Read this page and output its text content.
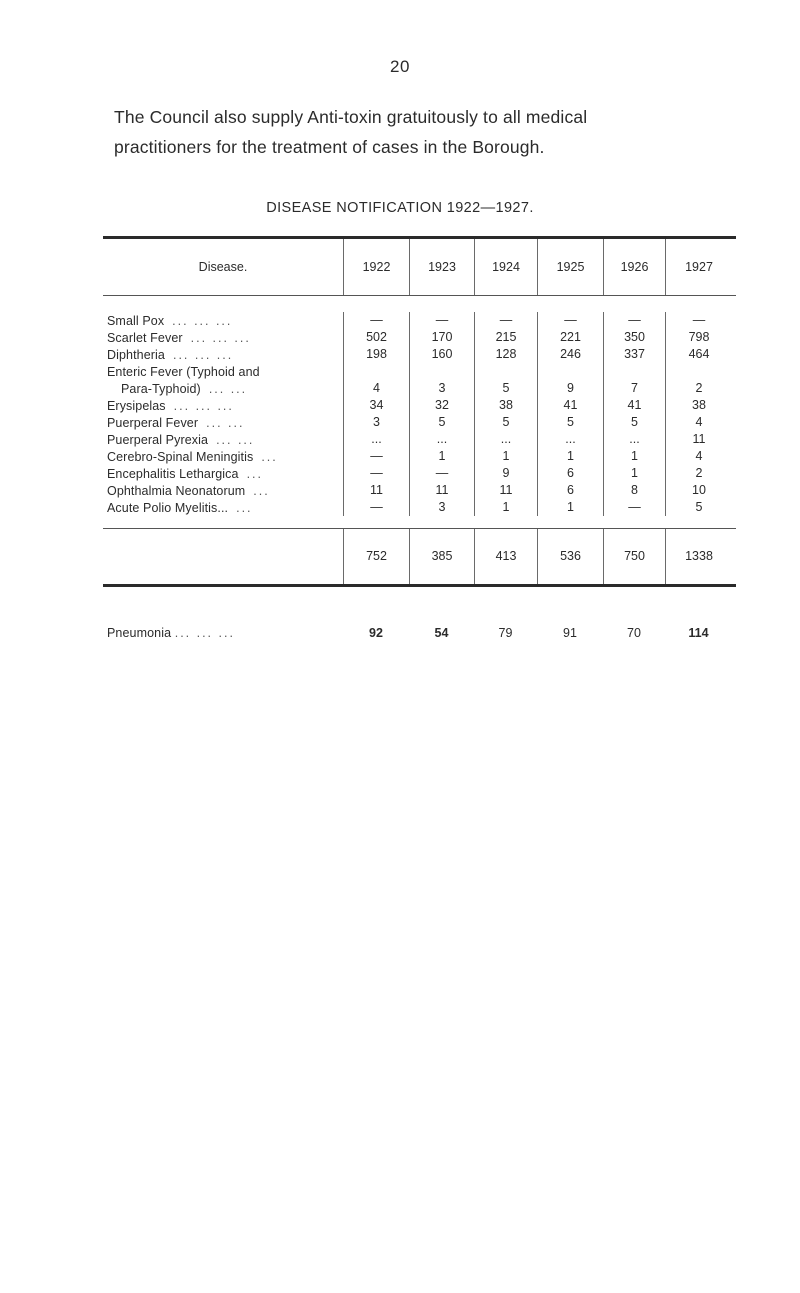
20

The Council also supply Anti-toxin gratuitously to all medical

practitioners for the treatment of cases in the Borough.

DISEASE NOTIFICATION 1922—1927.
Disease.	1922	1923	1924	1925	1926	1927
Small Pox ... ... ...	—	—	—	—	—	—
Scarlet Fever ... ... ...	502	170	215	221	350	798
Diphtheria ... ... ...	198	160	128	246	337	464
Enteric Fever (Typhoid and
Para-Typhoid) ... ...	4	3	5	9	7	2
Erysipelas ... ... ...	34	32	38	41	41	38
Puerperal Fever ... ...	3	5	5	5	5	4
Puerperal Pyrexia ... ...	...	...	...	...	...	11
Cerebro-Spinal Meningitis ...	—	1	1	1	1	4
Encephalitis Lethargica ...	—	—	9	6	1	2
Ophthalmia Neonatorum ...	11	11	11	6	8	10
Acute Polio Myelitis... ...	—	3	1	1	—	5
752	385	413	536	750	1338
Pneumonia ... ... ...	92	54	79	91	70	114
